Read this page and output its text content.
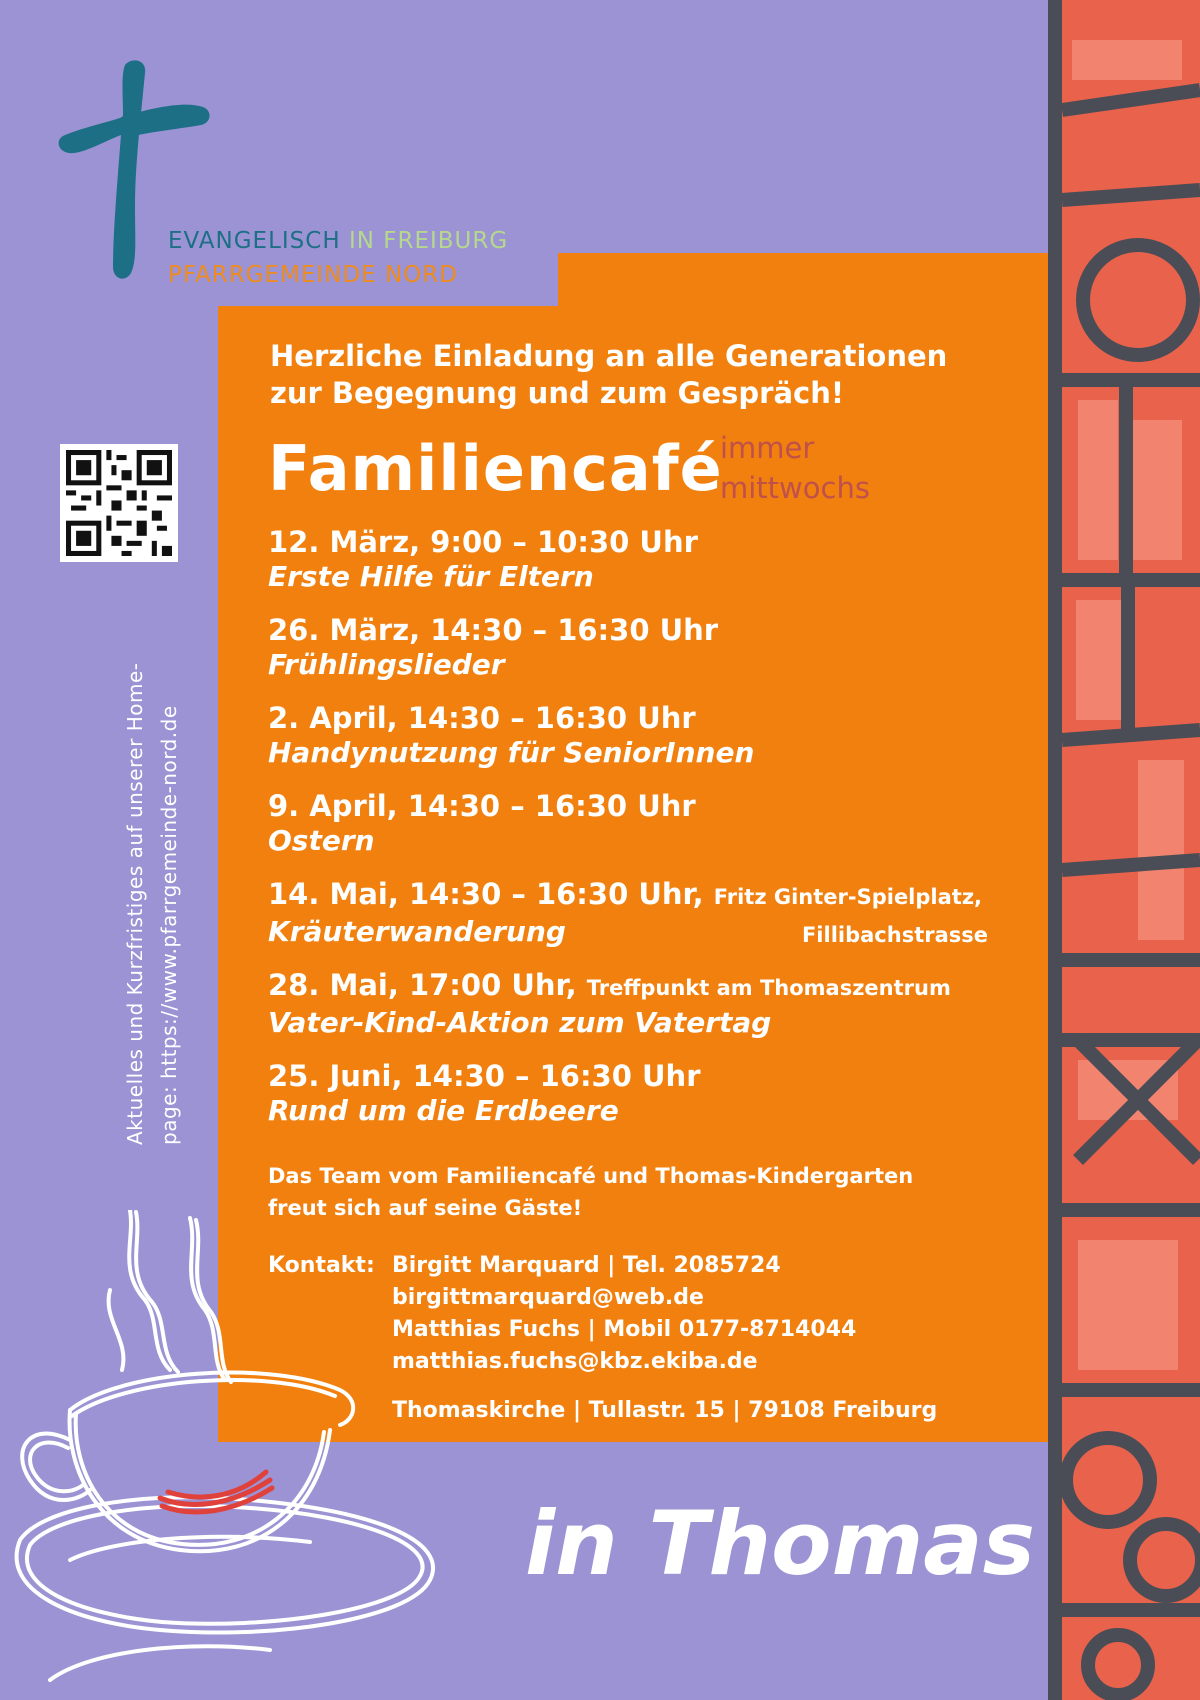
EVANGELISCH IN FREIBURG
PFARRGEMEINDE NORD
Aktuelles und Kurzfristiges auf unserer Home- page: https://www.pfarrgemeinde-nord.de
Herzliche Einladung an alle Generationen
zur Begegnung und zum Gespräch!
Familiencafé
immer
mittwochs
12. März, 9:00 – 10:30 Uhr
Erste Hilfe für Eltern
26. März, 14:30 – 16:30 Uhr
Frühlingslieder
2. April, 14:30 – 16:30 Uhr
Handynutzung für SeniorInnen
9. April, 14:30 – 16:30 Uhr
Ostern
14. Mai, 14:30 – 16:30 Uhr, Fritz Ginter-Spielplatz,
Kräuterwanderung	Fillibachstrasse
28. Mai, 17:00 Uhr, Treffpunkt am Thomaszentrum
Vater-Kind-Aktion zum Vatertag
25. Juni, 14:30 – 16:30 Uhr
Rund um die Erdbeere
Das Team vom Familiencafé und Thomas-Kindergarten
freut sich auf seine Gäste!
Kontakt: Birgitt Marquard | Tel. 2085724
birgittmarquard@web.de
Matthias Fuchs | Mobil 0177-8714044
matthias.fuchs@kbz.ekiba.de
Thomaskirche | Tullastr. 15 | 79108 Freiburg
in Thomas
